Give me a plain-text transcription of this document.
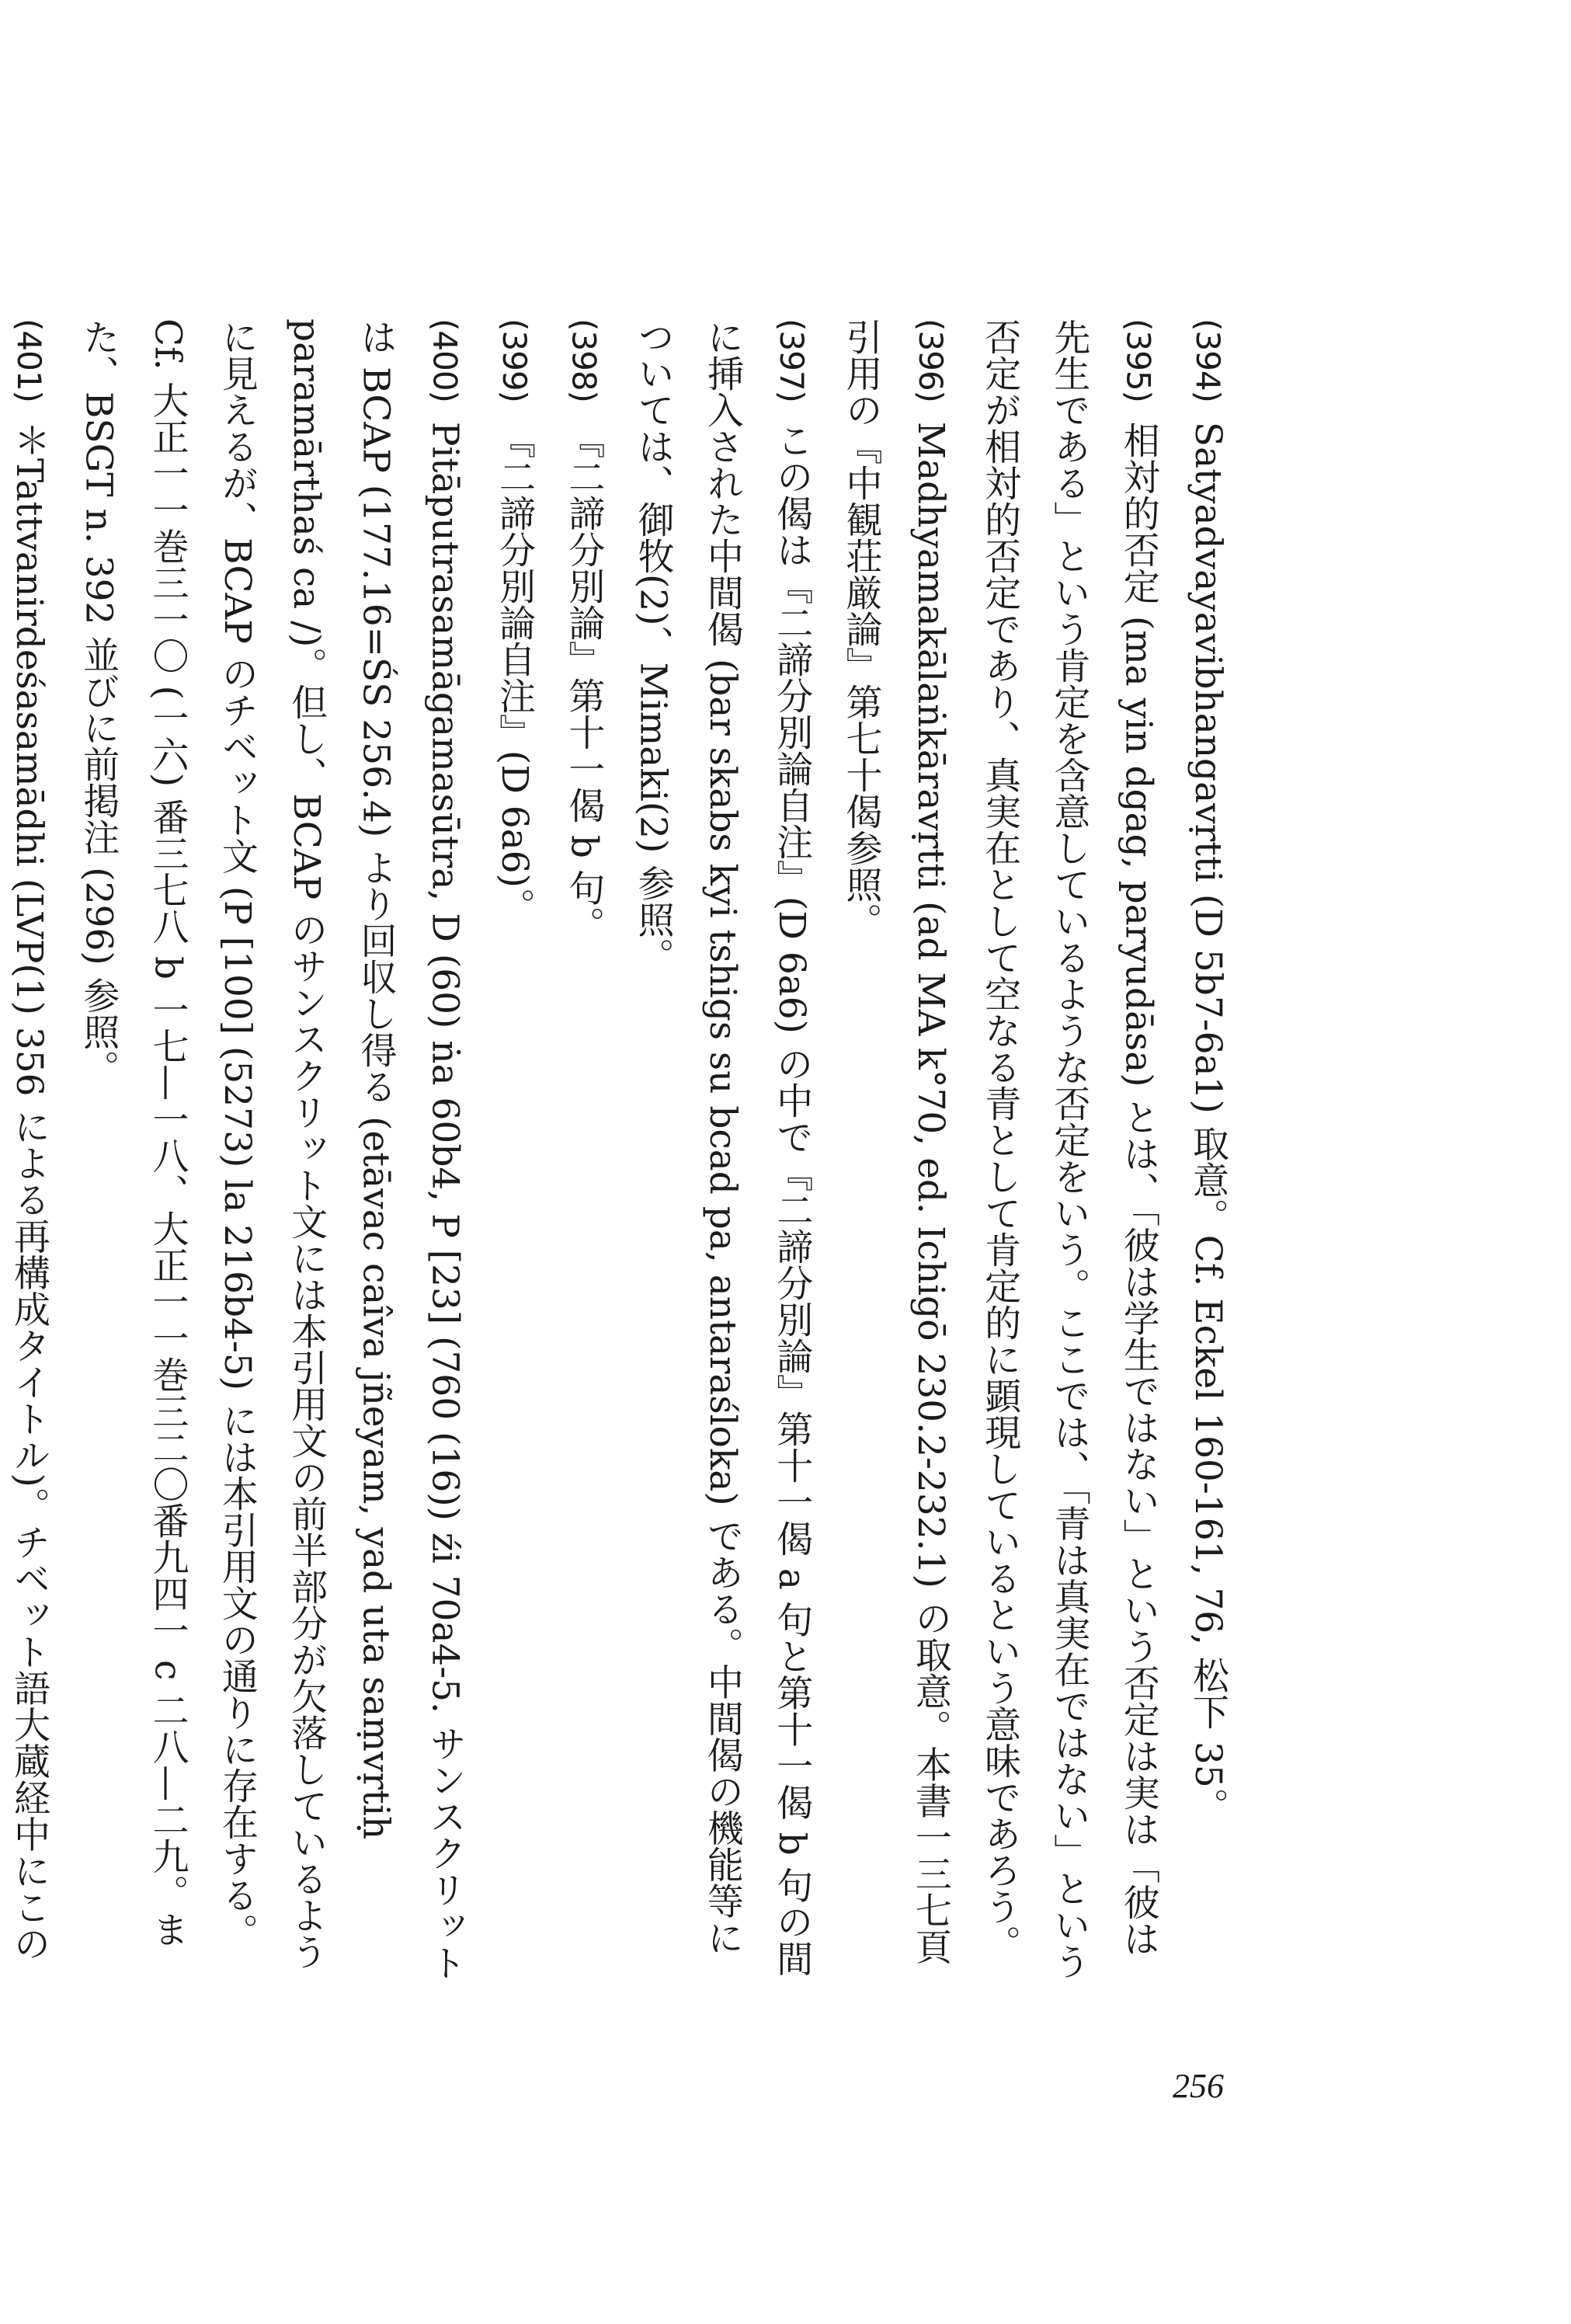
(394) Satyadvayavibhangavṛtti (D 5b7-6a1) 取意。Cf. Eckel 160-161, 76, 松下 35。

(395) 相対的否定 (ma yin dgag, paryudāsa) とは、「彼は学生ではない」という否定は実は「彼は先生である」という肯定を含意しているような否定をいう。ここでは、「青は真実在ではない」という否定が相対的否定であり、真実在として空なる青として肯定的に顕現しているという意味であろう。

(396) Madhyamakālaṅkāravṛtti (ad MA k°70, ed. Ichigō 230.2-232.1) の取意。本書一三七頁引用の『中観荘厳論』第七十偈参照。

(397) この偈は『二諦分別論自注』(D 6a6) の中で『二諦分別論』第十一偈 a 句と第十一偈 b 句の間に挿入された中間偈 (bar skabs kyi tshigs su bcad pa, antaraśloka) である。中間偈の機能等については、御牧(2)、Mimaki(2) 参照。

(398) 『二諦分別論』第十一偈 b 句。

(399) 『二諦分別論自注』(D 6a6)。

(400) Pitāputrasamāgamasūtra, D (60) ṅa 60b4, P [23] (760 (16)) źi 70a4-5. サンスクリットは BCAP (177.16=ŚS 256.4) より回収し得る (etāvac caîva jñeyam, yad uta saṃvṛtiḥ paramārthaś ca /)。但し、BCAP のサンスクリット文には本引用文の前半部分が欠落しているように見えるが、BCAP のチベット文 (P [100] (5273) la 216b4-5) には本引用文の通りに存在する。Cf. 大正一一巻三一〇 (一六) 番三七八 b 一七—一八、大正一一巻三二〇番九四一 c 二八—二九。また、BSGT n. 392 並びに前掲注 (296) 参照。

(401) ＊Tattvanirdeśasamādhi (LVP(1) 356 による再構成タイトル)。チベット語大蔵経中にこの

256
